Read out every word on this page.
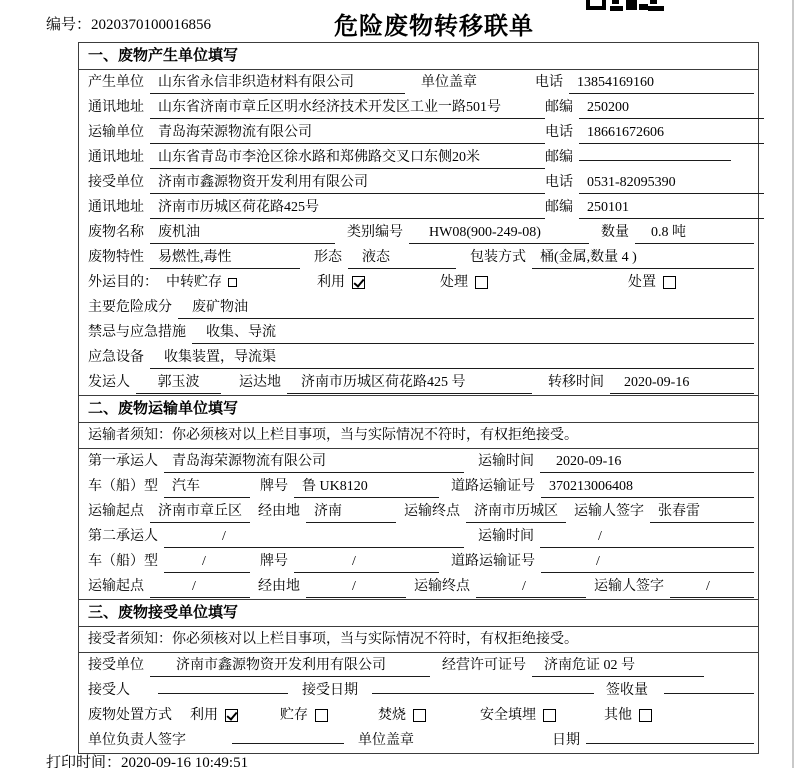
编号：2020370100016856	危险废物转移联单
一、废物产生单位填写
产生单位	山东省永信非织造材料有限公司	单位盖章	电话	13854169160
通讯地址	山东省济南市章丘区明水经济技术开发区工业一路501号	邮编	250200
运输单位	青岛海荣源物流有限公司	电话	18661672606
通讯地址	山东省青岛市李沧区徐水路和郑佛路交叉口东侧20米	邮编
接受单位	济南市鑫源物资开发利用有限公司	电话	0531-82095390
通讯地址	济南市历城区荷花路425号	邮编	250101
废物名称	废机油	类别编号	HW08(900-249-08)	数量	0.8 吨
废物特性	易燃性,毒性	形态	液态	包装方式	桶(金属,数量 4 )
外运目的： 中转贮存	利用	处理	处置
主要危险成分	废矿物油
禁忌与应急措施	收集、导流
应急设备	收集装置，导流渠
发运人	郭玉波	运达地	济南市历城区荷花路425 号	转移时间	2020-09-16
二、废物运输单位填写
运输者须知：你必须核对以上栏目事项，当与实际情况不符时，有权拒绝接受。
第一承运人	青岛海荣源物流有限公司	运输时间	2020-09-16
车（船）型	汽车	牌号	鲁 UK8120	道路运输证号	370213006408
运输起点	济南市章丘区	经由地	济南	运输终点	济南市历城区	运输人签字	张春雷
第二承运人	/	运输时间	/
车（船）型	/	牌号	/	道路运输证号	/
运输起点	/	经由地	/	运输终点	/	运输人签字	/
三、废物接受单位填写
接受者须知：你必须核对以上栏目事项，当与实际情况不符时，有权拒绝接受。
接受单位	济南市鑫源物资开发利用有限公司	经营许可证号	济南危证 02 号
接受人	接受日期	签收量
废物处置方式 利用	贮存	焚烧	安全填埋	其他
单位负责人签字	单位盖章	日期
打印时间：2020-09-16 10:49:51
